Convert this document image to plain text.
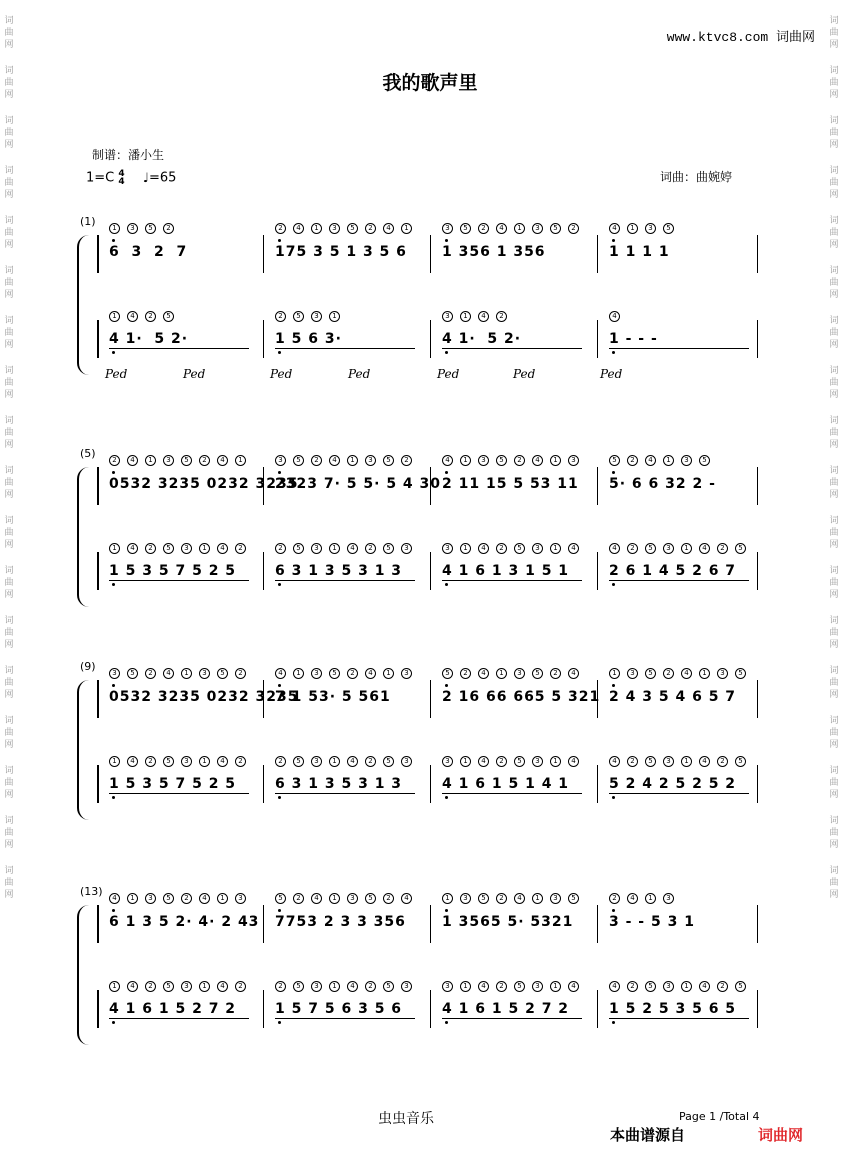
词
曲
网
词
曲
网
词
曲
网
词
曲
网
词
曲
网
词
曲
网
词
曲
网
词
曲
网
词
曲
网
词
曲
网
词
曲
网
词
曲
网
词
曲
网
词
曲
网
词
曲
网
词
曲
网
词
曲
网
词
曲
网
词
曲
网
词
曲
网
词
曲
网
词
曲
网
词
曲
网
词
曲
网
词
曲
网
词
曲
网
词
曲
网
词
曲
网
词
曲
网
词
曲
网
词
曲
网
词
曲
网
词
曲
网
词
曲
网
词
曲
网
词
曲
网
www.ktvc8.com 词曲网
我的歌声里
制谱：潘小生
1=C 4
4 ♩=65	词曲：曲婉婷
(1)
6  3  2  7
1	3	5	2
175 3 5 1 3 5 6
2	4	1	3	5	2	4	1
1 356 1 356
3	5	2	4	1	3	5	2
1 1 1 1
4	1	3	5
4 1·  5 2·
1	4	2	5
1 5 6 3·
2	5	3	1
4 1·  5 2·
3	1	4	2
1 - - -
4
Ped	Ped	Ped	Ped	Ped	Ped	Ped
(5)
0532 3235 0232 3235
2	4	1	3	5	2	4	1
2323 7· 5 5· 5 4 30
3	5	2	4	1	3	5	2
2 11 15 5 53 11
4	1	3	5	2	4	1	3
5· 6 6 32 2 -
5	2	4	1	3	5
1 5 3 5 7 5 2 5
1	4	2	5	3	1	4	2
6 3 1 3 5 3 1 3
2	5	3	1	4	2	5	3
4 1 6 1 3 1 5 1
3	1	4	2	5	3	1	4
2 6 1 4 5 2 6 7
4	2	5	3	1	4	2	5
(9)
0532 3235 0232 3235
3	5	2	4	1	3	5	2
7 1 53· 5 561
4	1	3	5	2	4	1	3
2 16 66 665 5 321
5	2	4	1	3	5	2	4
2 4 3 5 4 6 5 7
1	3	5	2	4	1	3	5
1 5 3 5 7 5 2 5
1	4	2	5	3	1	4	2
6 3 1 3 5 3 1 3
2	5	3	1	4	2	5	3
4 1 6 1 5 1 4 1
3	1	4	2	5	3	1	4
5 2 4 2 5 2 5 2
4	2	5	3	1	4	2	5
(13)
6 1 3 5 2· 4· 2 43
4	1	3	5	2	4	1	3
7753 2 3 3 356
5	2	4	1	3	5	2	4
1 3565 5· 5321
1	3	5	2	4	1	3	5
3 - - 5 3 1
2	4	1	3
4 1 6 1 5 2 7 2
1	4	2	5	3	1	4	2
1 5 7 5 6 3 5 6
2	5	3	1	4	2	5	3
4 1 6 1 5 2 7 2
3	1	4	2	5	3	1	4
1 5 2 5 3 5 6 5
4	2	5	3	1	4	2	5
虫虫音乐	Page 1 /Total 4
本曲谱源自	词曲网
